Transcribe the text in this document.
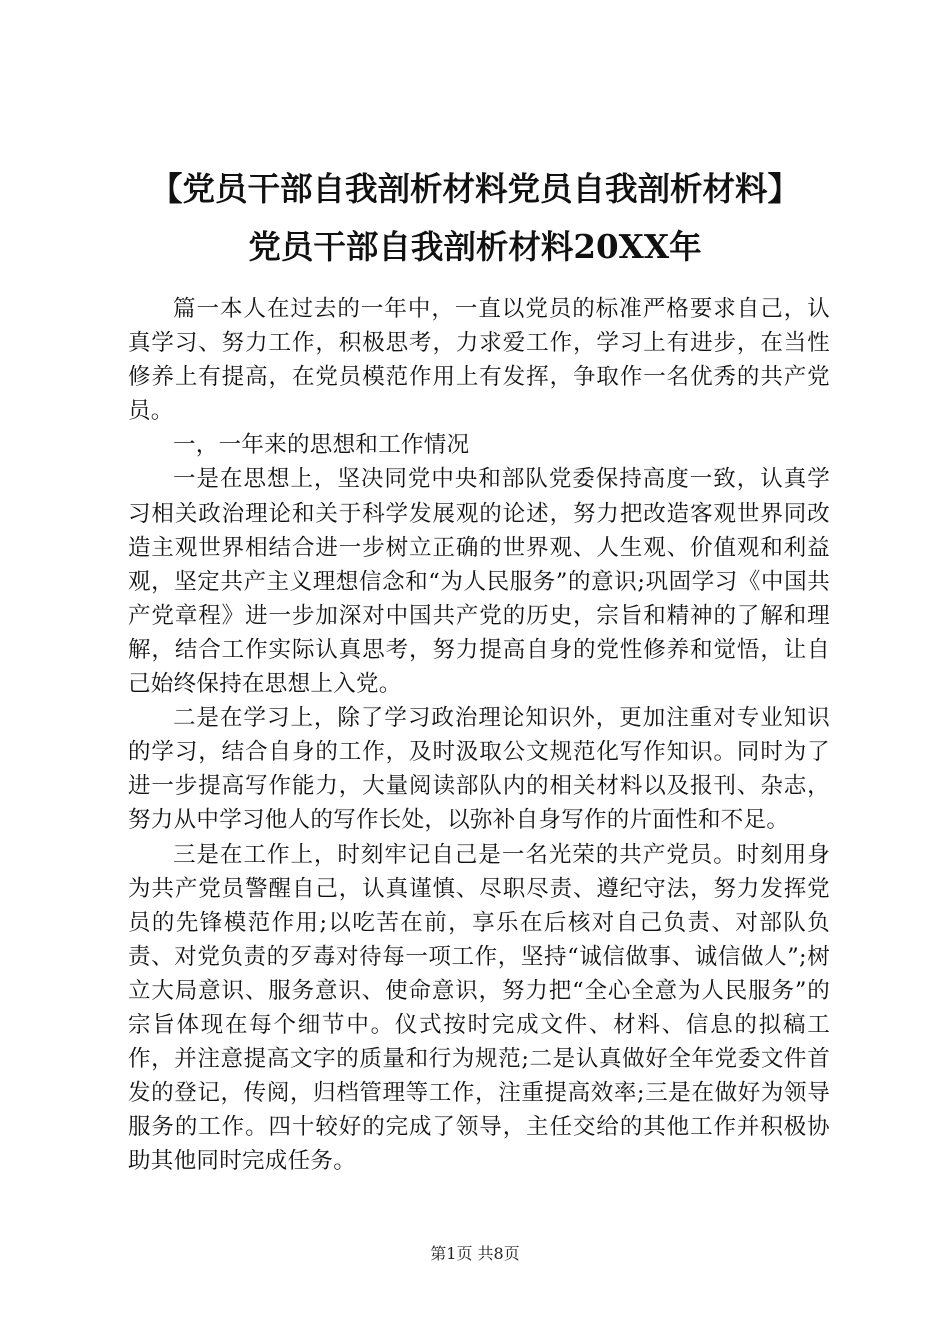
【党员干部自我剖析材料党员自我剖析材料】
党员干部自我剖析材料20XX年

篇一本人在过去的一年中，一直以党员的标准严格要求自己，认真学习、努力工作，积极思考，力求爱工作，学习上有进步，在当性修养上有提高，在党员模范作用上有发挥，争取作一名优秀的共产党员。

一，一年来的思想和工作情况

一是在思想上，坚决同党中央和部队党委保持高度一致，认真学习相关政治理论和关于科学发展观的论述，努力把改造客观世界同改造主观世界相结合进一步树立正确的世界观、人生观、价值观和利益观，坚定共产主义理想信念和“为人民服务”的意识;巩固学习《中国共产党章程》进一步加深对中国共产党的历史，宗旨和精神的了解和理解，结合工作实际认真思考，努力提高自身的党性修养和觉悟，让自己始终保持在思想上入党。

二是在学习上，除了学习政治理论知识外，更加注重对专业知识的学习，结合自身的工作，及时汲取公文规范化写作知识。同时为了进一步提高写作能力，大量阅读部队内的相关材料以及报刊、杂志，努力从中学习他人的写作长处，以弥补自身写作的片面性和不足。

三是在工作上，时刻牢记自己是一名光荣的共产党员。时刻用身为共产党员警醒自己，认真谨慎、尽职尽责、遵纪守法，努力发挥党员的先锋模范作用;以吃苦在前，享乐在后核对自己负责、对部队负责、对党负责的歹毒对待每一项工作，坚持“诚信做事、诚信做人”;树立大局意识、服务意识、使命意识，努力把“全心全意为人民服务”的宗旨体现在每个细节中。仪式按时完成文件、材料、信息的拟稿工作，并注意提高文字的质量和行为规范;二是认真做好全年党委文件首发的登记，传阅，归档管理等工作，注重提高效率;三是在做好为领导服务的工作。四十较好的完成了领导，主任交给的其他工作并积极协助其他同时完成任务。

第1页 共8页
